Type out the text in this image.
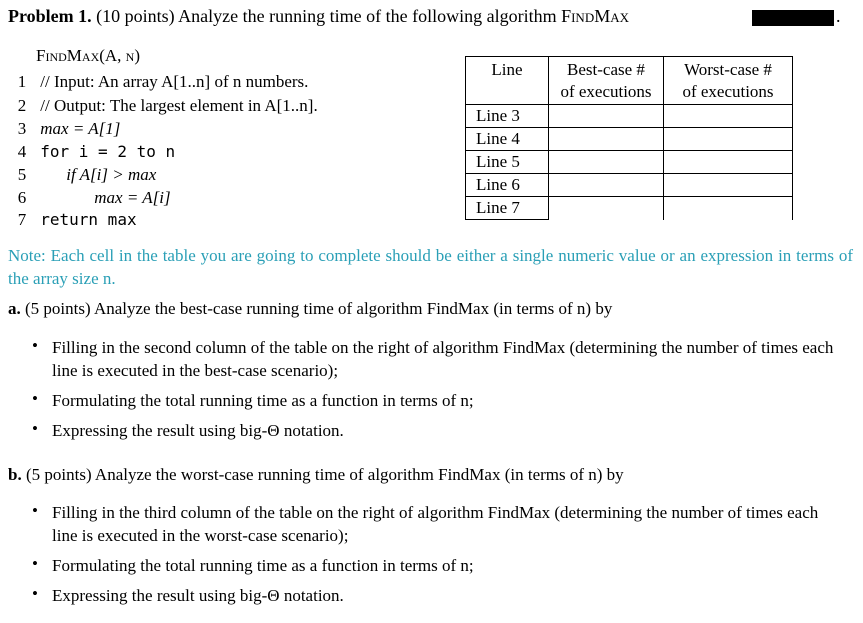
Problem 1. (10 points) Analyze the running time of the following algorithm FindMax	.
FindMax(A, n)
1 // Input: An array A[1..n] of n numbers.
2 // Output: The largest element in A[1..n].
3 max = A[1]
4 for i = 2 to n
5 if A[i] > max
6	max = A[i]
7 return max
Line	Best-case #	Worst-case #
	of executions	of executions
Line 3		
Line 4		
Line 5		
Line 6		
Line 7		
Note: Each cell in the table you are going to complete should be either a single numeric value or an expression in terms of the array size n.
a. (5 points) Analyze the best-case running time of algorithm FindMax (in terms of n) by
• Filling in the second column of the table on the right of algorithm FindMax (determining the number of times each line is executed in the best-case scenario);
• Formulating the total running time as a function in terms of n;
• Expressing the result using big-Θ notation.
b. (5 points) Analyze the worst-case running time of algorithm FindMax (in terms of n) by
• Filling in the third column of the table on the right of algorithm FindMax (determining the number of times each line is executed in the worst-case scenario);
• Formulating the total running time as a function in terms of n;
• Expressing the result using big-Θ notation.
